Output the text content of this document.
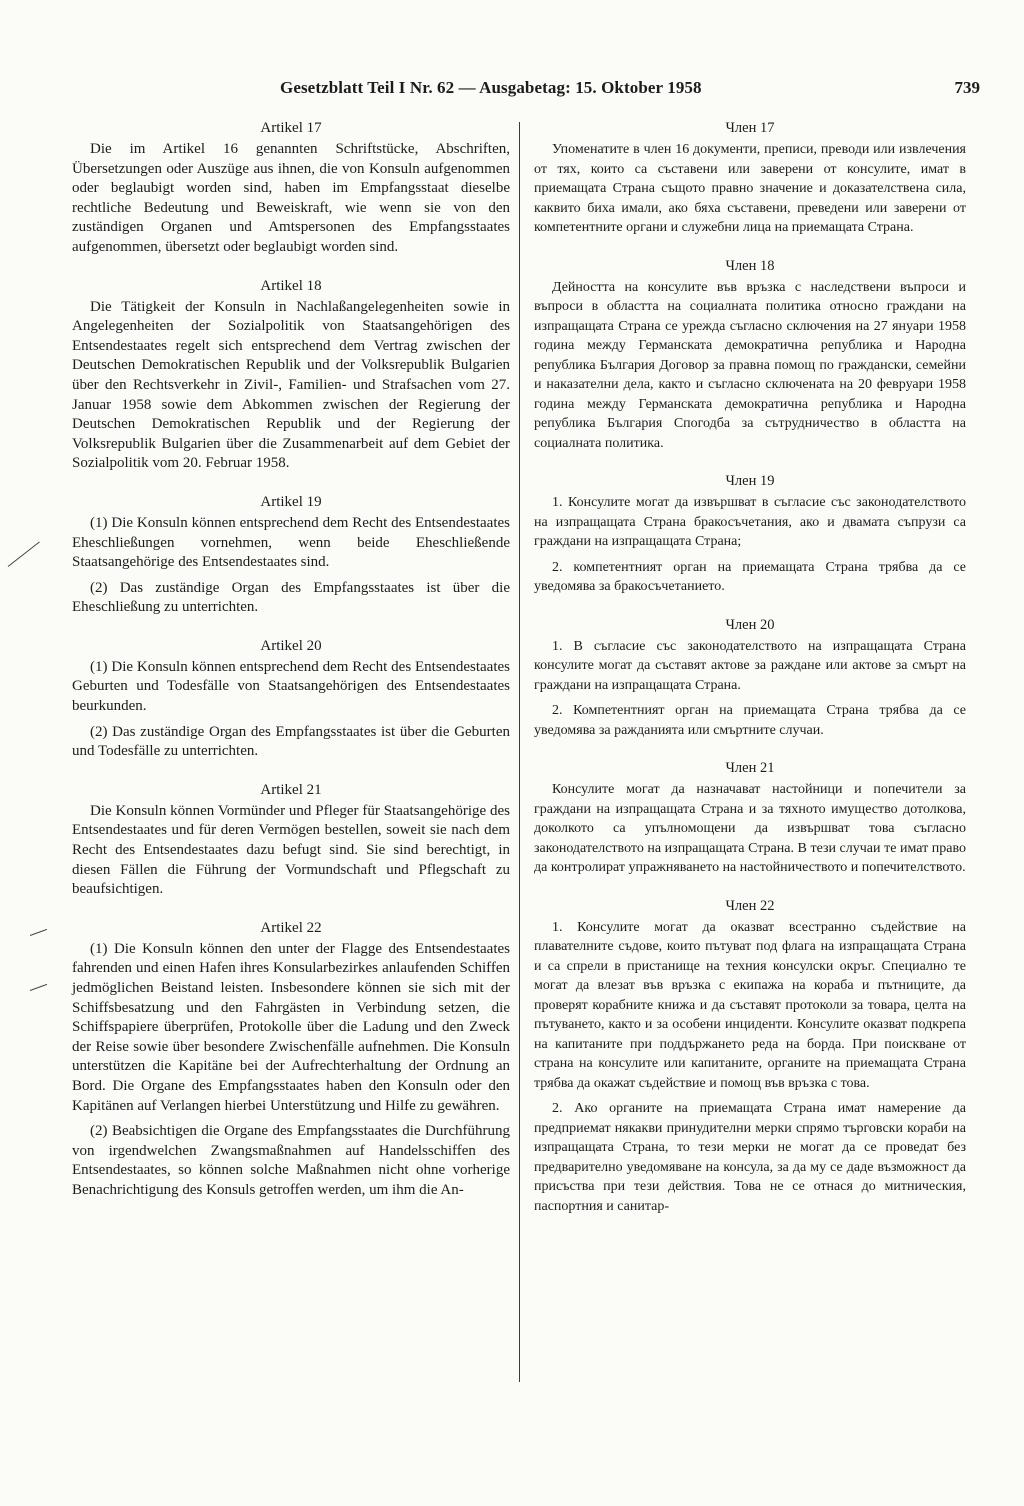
Gesetzblatt Teil I Nr. 62 — Ausgabetag: 15. Oktober 1958	739
Artikel 17

Die im Artikel 16 genannten Schriftstücke, Abschriften, Übersetzungen oder Auszüge aus ihnen, die von Konsuln aufgenommen oder beglaubigt worden sind, haben im Empfangsstaat dieselbe rechtliche Bedeutung und Beweiskraft, wie wenn sie von den zuständigen Organen und Amtspersonen des Empfangsstaates aufgenommen, übersetzt oder beglaubigt worden sind.

Artikel 18

Die Tätigkeit der Konsuln in Nachlaßangelegenheiten sowie in Angelegenheiten der Sozialpolitik von Staatsangehörigen des Entsendestaates regelt sich entsprechend dem Vertrag zwischen der Deutschen Demokratischen Republik und der Volksrepublik Bulgarien über den Rechtsverkehr in Zivil-, Familien- und Strafsachen vom 27. Januar 1958 sowie dem Abkommen zwischen der Regierung der Deutschen Demokratischen Republik und der Regierung der Volksrepublik Bulgarien über die Zusammenarbeit auf dem Gebiet der Sozialpolitik vom 20. Februar 1958.

Artikel 19

(1) Die Konsuln können entsprechend dem Recht des Entsendestaates Eheschließungen vornehmen, wenn beide Eheschließende Staatsangehörige des Entsendestaates sind.

(2) Das zuständige Organ des Empfangsstaates ist über die Eheschließung zu unterrichten.

Artikel 20

(1) Die Konsuln können entsprechend dem Recht des Entsendestaates Geburten und Todesfälle von Staatsangehörigen des Entsendestaates beurkunden.

(2) Das zuständige Organ des Empfangsstaates ist über die Geburten und Todesfälle zu unterrichten.

Artikel 21

Die Konsuln können Vormünder und Pfleger für Staatsangehörige des Entsendestaates und für deren Vermögen bestellen, soweit sie nach dem Recht des Entsendestaates dazu befugt sind. Sie sind berechtigt, in diesen Fällen die Führung der Vormundschaft und Pflegschaft zu beaufsichtigen.

Artikel 22

(1) Die Konsuln können den unter der Flagge des Entsendestaates fahrenden und einen Hafen ihres Konsularbezirkes anlaufenden Schiffen jedmöglichen Beistand leisten. Insbesondere können sie sich mit der Schiffsbesatzung und den Fahrgästen in Verbindung setzen, die Schiffspapiere überprüfen, Protokolle über die Ladung und den Zweck der Reise sowie über besondere Zwischenfälle aufnehmen. Die Konsuln unterstützen die Kapitäne bei der Aufrechterhaltung der Ordnung an Bord. Die Organe des Empfangsstaates haben den Konsuln oder den Kapitänen auf Verlangen hierbei Unterstützung und Hilfe zu gewähren.

(2) Beabsichtigen die Organe des Empfangsstaates die Durchführung von irgendwelchen Zwangsmaßnahmen auf Handelsschiffen des Entsendestaates, so können solche Maßnahmen nicht ohne vorherige Benachrichtigung des Konsuls getroffen werden, um ihm die An-

Член 17

Упоменатите в член 16 документи, преписи, преводи или извлечения от тях, които са съставени или заверени от консулите, имат в приемащата Страна същото правно значение и доказателствена сила, каквито биха имали, ако бяха съставени, преведени или заверени от компетентните органи и служебни лица на приемащата Страна.

Член 18

Дейността на консулите във връзка с наследствени въпроси и въпроси в областта на социалната политика относно граждани на изпращащата Страна се урежда съгласно сключения на 27 януари 1958 година между Германската демократична република и Народна република България Договор за правна помощ по граждански, семейни и наказателни дела, както и съгласно сключената на 20 февруари 1958 година между Германската демократична република и Народна република България Спогодба за сътрудничество в областта на социалната политика.

Член 19

1. Консулите могат да извършват в съгласие със законодателството на изпращащата Страна бракосъчетания, ако и двамата съпрузи са граждани на изпращащата Страна;

2. компетентният орган на приемащата Страна трябва да се уведомява за бракосъчетанието.

Член 20

1. В съгласие със законодателството на изпращащата Страна консулите могат да съставят актове за раждане или актове за смърт на граждани на изпращащата Страна.

2. Компетентният орган на приемащата Страна трябва да се уведомява за ражданията или смъртните случаи.

Член 21

Консулите могат да назначават настойници и попечители за граждани на изпращащата Страна и за тяхното имущество дотолкова, доколкото са упълномощени да извършват това съгласно законодателството на изпращащата Страна. В тези случаи те имат право да контролират упражняването на настойничеството и попечителството.

Член 22

1. Консулите могат да оказват всестранно съдействие на плавателните съдове, които пътуват под флага на изпращащата Страна и са спрели в пристанище на техния консулски окръг. Специално те могат да влезат във връзка с екипажа на кораба и пътниците, да проверят корабните книжа и да съставят протоколи за товара, целта на пътуването, както и за особени инциденти. Консулите оказват подкрепа на капитаните при поддържането реда на борда. При поискване от страна на консулите или капитаните, органите на приемащата Страна трябва да окажат съдействие и помощ във връзка с това.

2. Ако органите на приемащата Страна имат намерение да предприемат някакви принудителни мерки спрямо търговски кораби на изпращащата Страна, то тези мерки не могат да се проведат без предварително уведомяване на консула, за да му се даде възможност да присъства при тези действия. Това не се отнася до митническия, паспортния и санитар-
